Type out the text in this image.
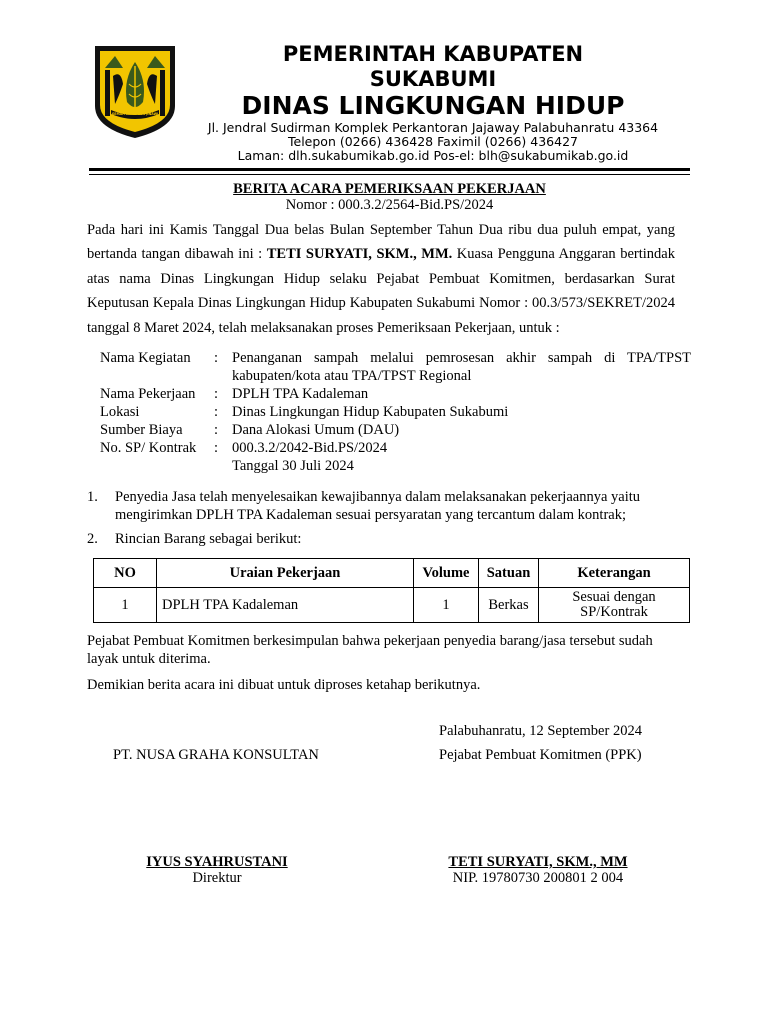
GEMAH RIPAH LOH JINAWI
PEMERINTAH KABUPATEN
SUKABUMI
DINAS LINGKUNGAN HIDUP
Jl. Jendral Sudirman Komplek Perkantoran Jajaway Palabuhanratu 43364
Telepon (0266) 436428 Faximil (0266) 436427
Laman: dlh.sukabumikab.go.id Pos-el: blh@sukabumikab.go.id
BERITA ACARA PEMERIKSAAN PEKERJAAN
Nomor : 000.3.2/2564-Bid.PS/2024
Pada hari ini Kamis Tanggal Dua belas Bulan September Tahun Dua ribu dua puluh empat, yang bertanda tangan dibawah ini : TETI SURYATI, SKM., MM. Kuasa Pengguna Anggaran bertindak atas nama Dinas Lingkungan Hidup selaku Pejabat Pembuat Komitmen, berdasarkan Surat Keputusan Kepala Dinas Lingkungan Hidup Kabupaten Sukabumi Nomor : 00.3/573/SEKRET/2024 tanggal 8 Maret 2024, telah melaksanakan proses Pemeriksaan Pekerjaan, untuk :
Nama Kegiatan : Penanganan sampah melalui pemrosesan akhir sampah di TPA/TPST kabupaten/kota atau TPA/TPST Regional
Nama Pekerjaan : DPLH TPA Kadaleman
Lokasi	: Dinas Lingkungan Hidup Kabupaten Sukabumi
Sumber Biaya : Dana Alokasi Umum (DAU)
No. SP/ Kontrak : 000.3.2/2042-Bid.PS/2024
Tanggal 30 Juli 2024
1. Penyedia Jasa telah menyelesaikan kewajibannya dalam melaksanakan pekerjaannya yaitu mengirimkan DPLH TPA Kadaleman sesuai persyaratan yang tercantum dalam kontrak;
2. Rincian Barang sebagai berikut:
NO	Uraian Pekerjaan	Volume	Satuan	Keterangan
1	DPLH TPA Kadaleman	1	Berkas	Sesuai dengan SP/Kontrak
Pejabat Pembuat Komitmen berkesimpulan bahwa pekerjaan penyedia barang/jasa tersebut sudah layak untuk diterima.
Demikian berita acara ini dibuat untuk diproses ketahap berikutnya.
Palabuhanratu, 12 September 2024
PT. NUSA GRAHA KONSULTAN	Pejabat Pembuat Komitmen (PPK)
IYUS SYAHRUSTANI
Direktur
TETI SURYATI, SKM., MM
NIP. 19780730 200801 2 004
